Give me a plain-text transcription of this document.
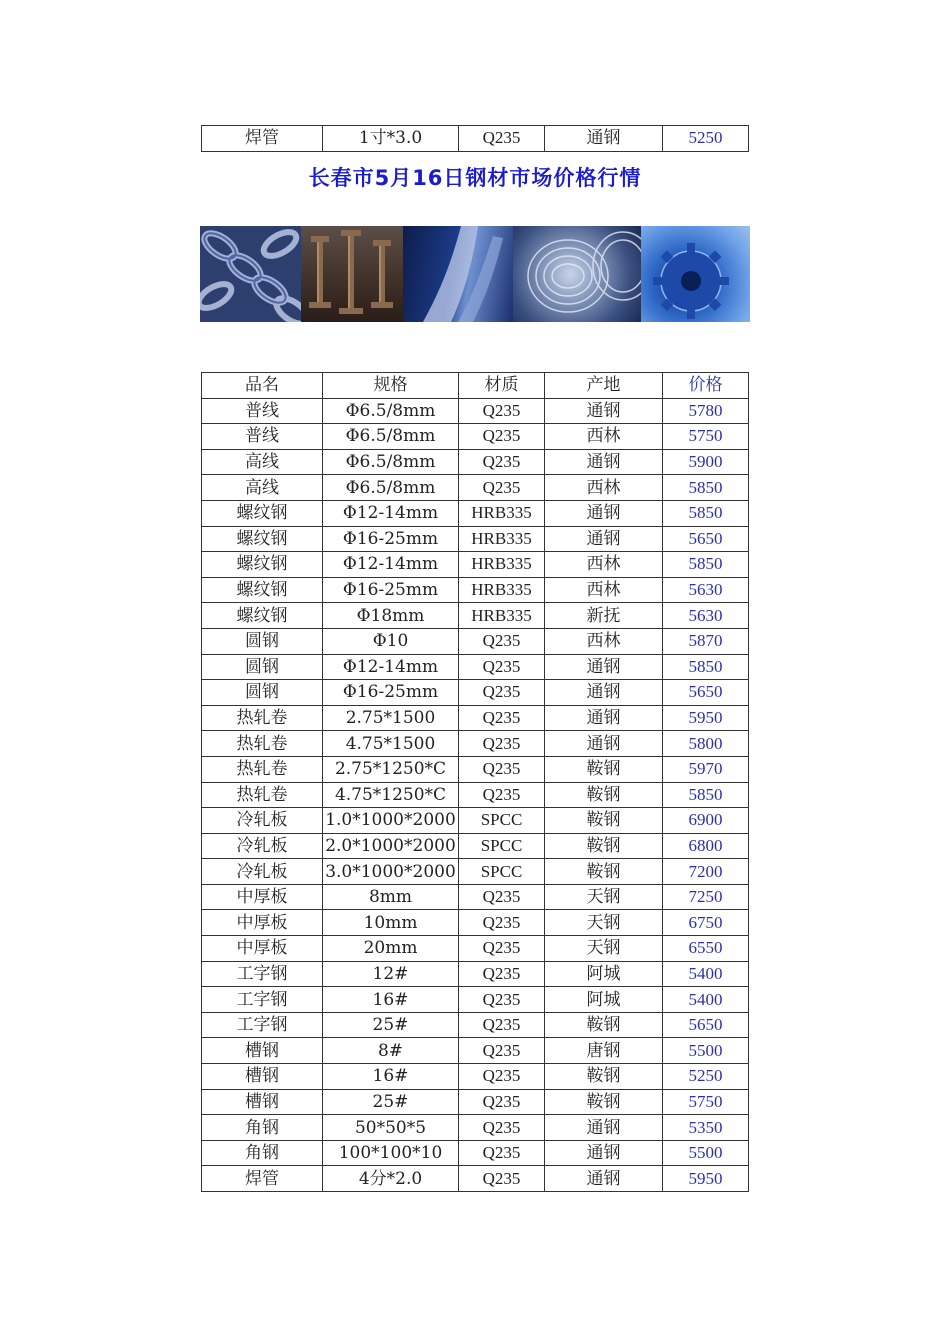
焊管	1寸*3.0	Q235	通钢	5250
长春市5月16日钢材市场价格行情
品名	规格	材质	产地	价格
普线	Φ6.5/8mm	Q235	通钢	5780
普线	Φ6.5/8mm	Q235	西林	5750
高线	Φ6.5/8mm	Q235	通钢	5900
高线	Φ6.5/8mm	Q235	西林	5850
螺纹钢	Φ12-14mm	HRB335	通钢	5850
螺纹钢	Φ16-25mm	HRB335	通钢	5650
螺纹钢	Φ12-14mm	HRB335	西林	5850
螺纹钢	Φ16-25mm	HRB335	西林	5630
螺纹钢	Φ18mm	HRB335	新抚	5630
圆钢	Φ10	Q235	西林	5870
圆钢	Φ12-14mm	Q235	通钢	5850
圆钢	Φ16-25mm	Q235	通钢	5650
热轧卷	2.75*1500	Q235	通钢	5950
热轧卷	4.75*1500	Q235	通钢	5800
热轧卷	2.75*1250*C	Q235	鞍钢	5970
热轧卷	4.75*1250*C	Q235	鞍钢	5850
冷轧板	1.0*1000*2000	SPCC	鞍钢	6900
冷轧板	2.0*1000*2000	SPCC	鞍钢	6800
冷轧板	3.0*1000*2000	SPCC	鞍钢	7200
中厚板	8mm	Q235	天钢	7250
中厚板	10mm	Q235	天钢	6750
中厚板	20mm	Q235	天钢	6550
工字钢	12#	Q235	阿城	5400
工字钢	16#	Q235	阿城	5400
工字钢	25#	Q235	鞍钢	5650
槽钢	8#	Q235	唐钢	5500
槽钢	16#	Q235	鞍钢	5250
槽钢	25#	Q235	鞍钢	5750
角钢	50*50*5	Q235	通钢	5350
角钢	100*100*10	Q235	通钢	5500
焊管	4分*2.0	Q235	通钢	5950
